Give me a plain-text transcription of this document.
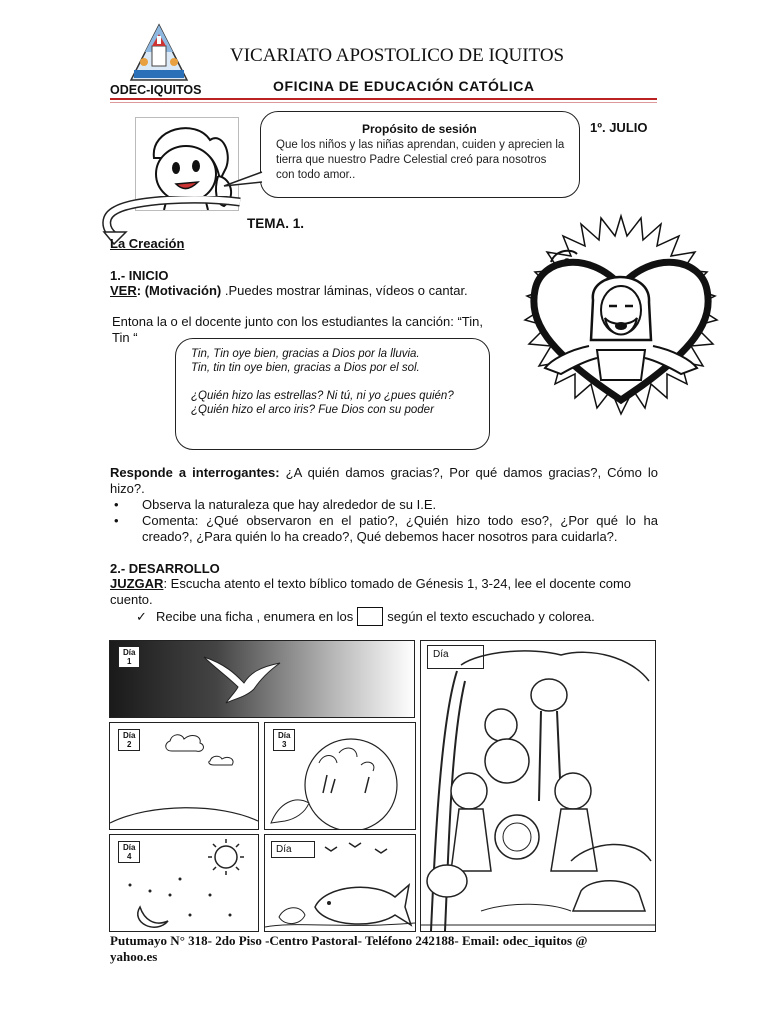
VICARIATO APOSTOLICO DE IQUITOS
ODEC-IQUITOS	OFICINA DE EDUCACIÓN CATÓLICA
Propósito de sesión

Que los niños y las niñas aprendan, cuiden y aprecien la tierra que nuestro Padre Celestial creó para nosotros con todo amor..

1º. JULIO
TEMA. 1.
La Creación
1.- INICIO

VER: (Motivación) .Puedes mostrar láminas, vídeos o cantar.

Entona la o el docente junto con los estudiantes la canción: “Tin, Tin “

Tin, Tin oye bien, gracias a Dios por la lluvia.

Tin, tin tin oye bien, gracias a Dios por el sol.

¿Quién hizo las estrellas? Ni tú, ni yo ¿pues quién?

¿Quién hizo el arco iris? Fue Dios con su poder

Responde a interrogantes: ¿A quién damos gracias?, Por qué damos gracias?, Cómo lo hizo?.

•	Observa la naturaleza que hay alrededor de su I.E.
•	Comenta: ¿Qué observaron en el patio?, ¿Quién hizo todo eso?, ¿Por qué lo ha creado?, ¿Para quién lo ha creado?, Qué debemos hacer nosotros para cuidarla?.
2.- DESARROLLO

JUZGAR: Escucha atento el texto bíblico tomado de Génesis 1, 3-24, lee el docente como cuento.

✓ Recibe una ficha , enumera en los	según el texto escuchado y colorea.
Día
1
Día
2
Día
3
Día
4
Día
Día
Putumayo N° 318- 2do Piso -Centro Pastoral- Teléfono 242188- Email: odec_iquitos @
yahoo.es
